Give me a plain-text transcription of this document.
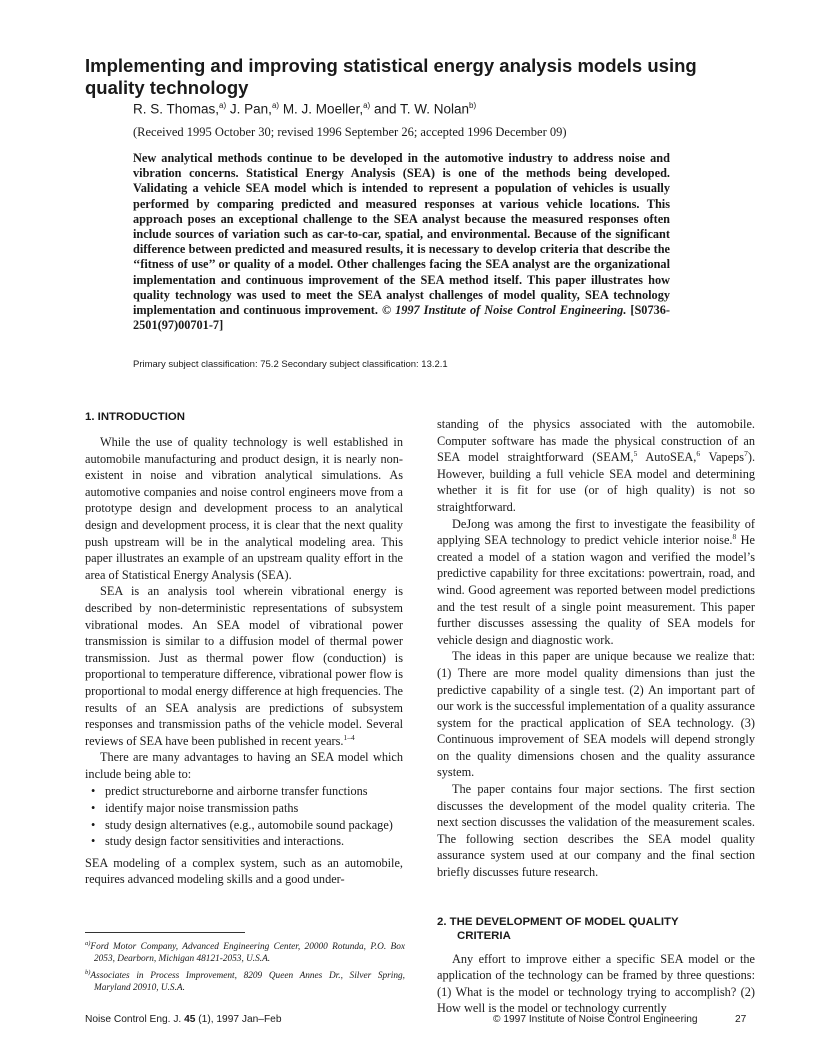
Implementing and improving statistical energy analysis models using quality technology
R. S. Thomas,$^{a)}$ J. Pan,$^{a)}$ M. J. Moeller,$^{a)}$ and T. W. Nolan$^{b)}$
(Received 1995 October 30; revised 1996 September 26; accepted 1996 December 09)
New analytical methods continue to be developed in the automotive industry to address noise and vibration concerns. Statistical Energy Analysis (SEA) is one of the methods being developed. Validating a vehicle SEA model which is intended to represent a population of vehicles is usually performed by comparing predicted and measured responses at various vehicle locations. This approach poses an exceptional challenge to the SEA analyst because the measured responses often include sources of variation such as car-to-car, spatial, and environmental. Because of the significant difference between predicted and measured results, it is necessary to develop criteria that describe the ‘‘fitness of use’’ or quality of a model. Other challenges facing the SEA analyst are the organizational implementation and continuous improvement of the SEA method itself. This paper illustrates how quality technology was used to meet the SEA analyst challenges of model quality, SEA technology implementation and continuous improvement. © 1997 Institute of Noise Control Engineering. [S0736-2501(97)00701-7]
Primary subject classification: 75.2 Secondary subject classification: 13.2.1
1. INTRODUCTION

While the use of quality technology is well established in automobile manufacturing and product design, it is nearly non-existent in noise and vibration analytical simulations. As automotive companies and noise control engineers move from a prototype design and development process to an analytical design and development process, it is clear that the next quality push upstream will be in the analytical modeling area. This paper illustrates an example of an upstream quality effort in the area of Statistical Energy Analysis (SEA).

SEA is an analysis tool wherein vibrational energy is described by non-deterministic representations of subsystem vibrational modes. An SEA model of vibrational power transmission is similar to a diffusion model of thermal power transmission. Just as thermal power flow (conduction) is proportional to temperature difference, vibrational power flow is proportional to modal energy difference at high frequencies. The results of an SEA analysis are predictions of subsystem responses and transmission paths of the vehicle model. Several reviews of SEA have been published in recent years.$^{1-4}$

There are many advantages to having an SEA model which include being able to:

• predict structureborne and airborne transfer functions
• identify major noise transmission paths
• study design alternatives (e.g., automobile sound package)
• study design factor sensitivities and interactions.

SEA modeling of a complex system, such as an automobile, requires advanced modeling skills and a good under-

$^{a)}$Ford Motor Company, Advanced Engineering Center, 20000 Rotunda, P.O. Box 2053, Dearborn, Michigan 48121-2053, U.S.A.

$^{b)}$Associates in Process Improvement, 8209 Queen Annes Dr., Silver Spring, Maryland 20910, U.S.A.

standing of the physics associated with the automobile. Computer software has made the physical construction of an SEA model straightforward (SEAM,$^5$ AutoSEA,$^6$ Vapeps$^7$). However, building a full vehicle SEA model and determining whether it is fit for use (or of high quality) is not so straightforward.

DeJong was among the first to investigate the feasibility of applying SEA technology to predict vehicle interior noise.$^8$ He created a model of a station wagon and verified the model’s predictive capability for three excitations: powertrain, road, and wind. Good agreement was reported between model predictions and the test result of a single point measurement. This paper further discusses assessing the quality of SEA models for vehicle design and diagnostic work.

The ideas in this paper are unique because we realize that: (1) There are more model quality dimensions than just the predictive capability of a single test. (2) An important part of our work is the successful implementation of a quality assurance system for the practical application of SEA technology. (3) Continuous improvement of SEA models will depend strongly on the quality dimensions chosen and the quality assurance system.

The paper contains four major sections. The first section discusses the development of the model quality criteria. The next section discusses the validation of the measurement scales. The following section describes the SEA model quality assurance system used at our company and the final section briefly discusses future research.

2. THE DEVELOPMENT OF MODEL QUALITY
CRITERIA

Any effort to improve either a specific SEA model or the application of the technology can be framed by three questions: (1) What is the model or technology trying to accomplish? (2) How well is the model or technology currently

Noise Control Eng. J. 45 (1), 1997 Jan–Feb	© 1997 Institute of Noise Control Engineering	27
